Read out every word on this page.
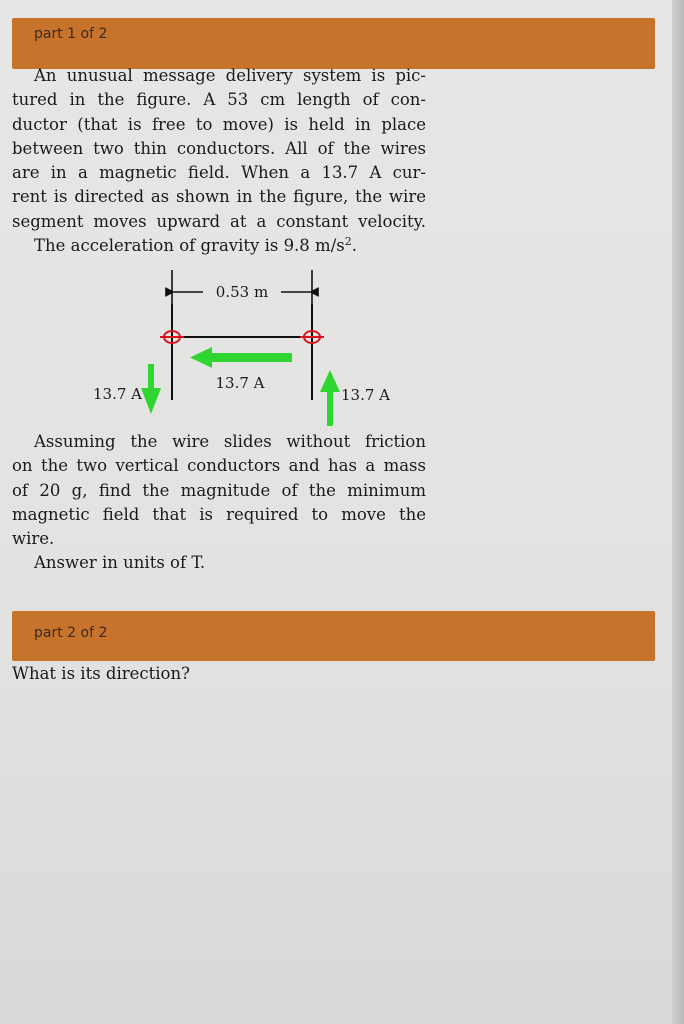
part 1 of 2
An unusual message delivery system is pic-
tured in the figure. A 53 cm length of con-
ductor (that is free to move) is held in place
between two thin conductors. All of the wires
are in a magnetic field. When a 13.7 A cur-
rent is directed as shown in the figure, the wire
segment moves upward at a constant velocity.
The acceleration of gravity is 9.8 $m/s^2$.
0.53 m
13.7 A
13.7 A	13.7 A
Assuming the wire slides without friction
on the two vertical conductors and has a mass
of 20 g, find the magnitude of the minimum
magnetic field that is required to move the
wire.
Answer in units of T.
part 2 of 2
What is its direction?
